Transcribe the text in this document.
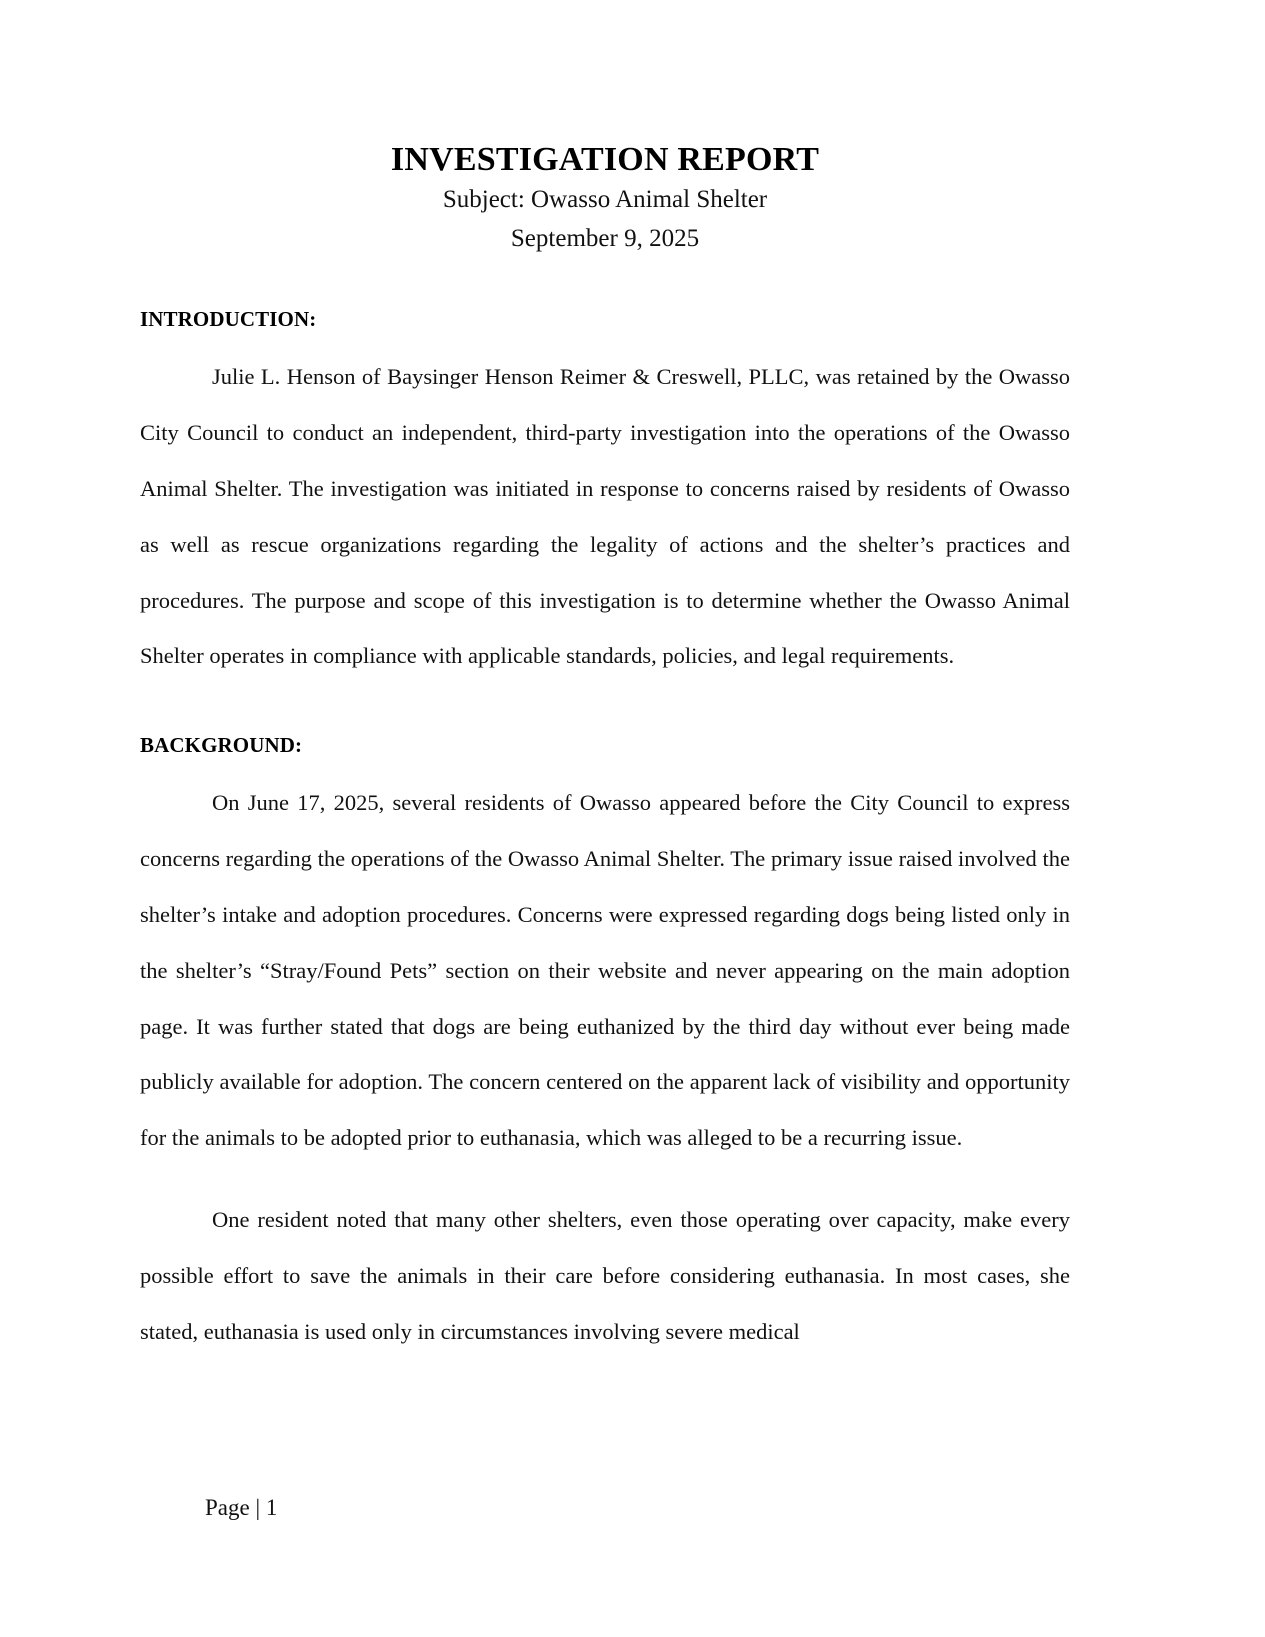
INVESTIGATION REPORT
Subject: Owasso Animal Shelter
September 9, 2025
INTRODUCTION:

Julie L. Henson of Baysinger Henson Reimer & Creswell, PLLC, was retained by the Owasso City Council to conduct an independent, third-party investigation into the operations of the Owasso Animal Shelter. The investigation was initiated in response to concerns raised by residents of Owasso as well as rescue organizations regarding the legality of actions and the shelter’s practices and procedures. The purpose and scope of this investigation is to determine whether the Owasso Animal Shelter operates in compliance with applicable standards, policies, and legal requirements.

BACKGROUND:

On June 17, 2025, several residents of Owasso appeared before the City Council to express concerns regarding the operations of the Owasso Animal Shelter. The primary issue raised involved the shelter’s intake and adoption procedures. Concerns were expressed regarding dogs being listed only in the shelter’s “Stray/Found Pets” section on their website and never appearing on the main adoption page. It was further stated that dogs are being euthanized by the third day without ever being made publicly available for adoption. The concern centered on the apparent lack of visibility and opportunity for the animals to be adopted prior to euthanasia, which was alleged to be a recurring issue.

One resident noted that many other shelters, even those operating over capacity, make every possible effort to save the animals in their care before considering euthanasia. In most cases, she stated, euthanasia is used only in circumstances involving severe medical

Page | 1
